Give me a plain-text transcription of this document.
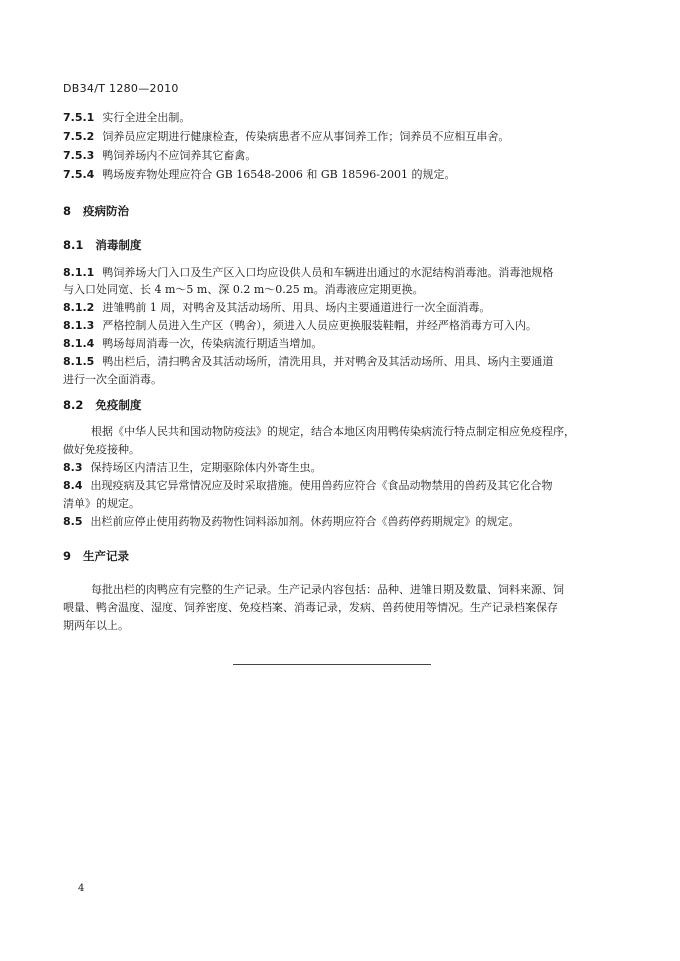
DB34/T 1280—2010
7.5.1 实行全进全出制。
7.5.2 饲养员应定期进行健康检查，传染病患者不应从事饲养工作；饲养员不应相互串舍。
7.5.3 鸭饲养场内不应饲养其它畜禽。
7.5.4 鸭场废弃物处理应符合 GB 16548-2006 和 GB 18596-2001 的规定。
8 疫病防治
8.1 消毒制度
8.1.1 鸭饲养场大门入口及生产区入口均应设供人员和车辆进出通过的水泥结构消毒池。消毒池规格
与入口处同宽、长 4 m～5 m、深 0.2 m～0.25 m。消毒液应定期更换。
8.1.2 进雏鸭前 1 周，对鸭舍及其活动场所、用具、场内主要通道进行一次全面消毒。
8.1.3 严格控制人员进入生产区（鸭舍），须进入人员应更换服装鞋帽，并经严格消毒方可入内。
8.1.4 鸭场每周消毒一次，传染病流行期适当增加。
8.1.5 鸭出栏后，清扫鸭舍及其活动场所，清洗用具，并对鸭舍及其活动场所、用具、场内主要通道
进行一次全面消毒。
8.2 免疫制度
根据《中华人民共和国动物防疫法》的规定，结合本地区肉用鸭传染病流行特点制定相应免疫程序，
做好免疫接种。
8.3 保持场区内清洁卫生，定期驱除体内外寄生虫。
8.4 出现疫病及其它异常情况应及时采取措施。使用兽药应符合《食品动物禁用的兽药及其它化合物
清单》的规定。
8.5 出栏前应停止使用药物及药物性饲料添加剂。休药期应符合《兽药停药期规定》的规定。
9 生产记录
每批出栏的肉鸭应有完整的生产记录。生产记录内容包括：品种、进雏日期及数量、饲料来源、饲
喂量、鸭舍温度、湿度、饲养密度、免疫档案、消毒记录，发病、兽药使用等情况。生产记录档案保存
期两年以上。
4
